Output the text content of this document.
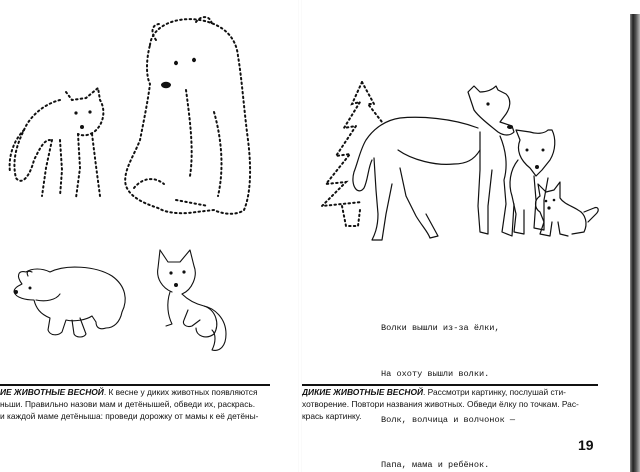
ИЕ ЖИВОТНЫЕ ВЕСНОЙ. К весне у диких животных появляются
ньши. Правильно назови мам и детёнышей, обведи их, раскрась.
и каждой маме детёныша: проведи дорожку от мамы к её детёны-

Волки вышли из-за ёлки,

На охоту вышли волки.

Волк, волчица и волчонок —

Папа, мама и ребёнок.

ДИКИЕ ЖИВОТНЫЕ ВЕСНОЙ. Рассмотри картинку, послушай сти-
хотворение. Повтори названия животных. Обведи ёлку по точкам. Рас-
крась картинку.
19
